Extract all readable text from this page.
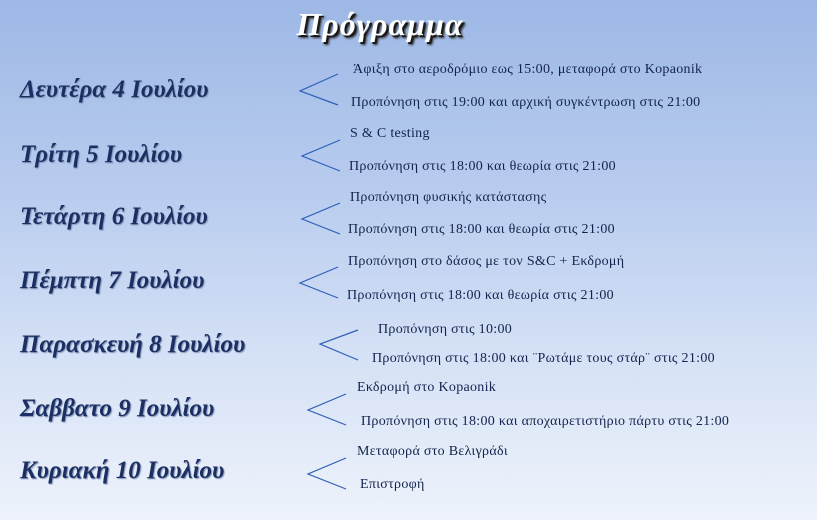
Πρόγραμμα
Δευτέρα 4 Ιουλίου
Άφιξη στο αεροδρόμιο εως 15:00, μεταφορά στο Kopaonik
Προπόνηση στις 19:00 και αρχική συγκέντρωση στις 21:00
Τρίτη 5 Ιουλίου
S & C testing
Προπόνηση στις 18:00 και θεωρία στις 21:00
Τετάρτη 6 Ιουλίου
Προπόνηση φυσικής κατάστασης
Προπόνηση στις 18:00 και θεωρία στις 21:00
Πέμπτη 7 Ιουλίου
Προπόνηση στο δάσος με τον S&C + Εκδρομή
Προπόνηση στις 18:00 και θεωρία στις 21:00
Παρασκευή 8 Ιουλίου
Προπόνηση στις 10:00
Προπόνηση στις 18:00 και ¨Ρωτάμε τους στάρ¨ στις 21:00
Σαββατο 9 Ιουλίου
Εκδρομή στο Kopaonik
Προπόνηση στις 18:00 και αποχαιρετιστήριο πάρτυ στις 21:00
Κυριακή 10 Ιουλίου
Μεταφορά στο Βελιγράδι
Επιστροφή
